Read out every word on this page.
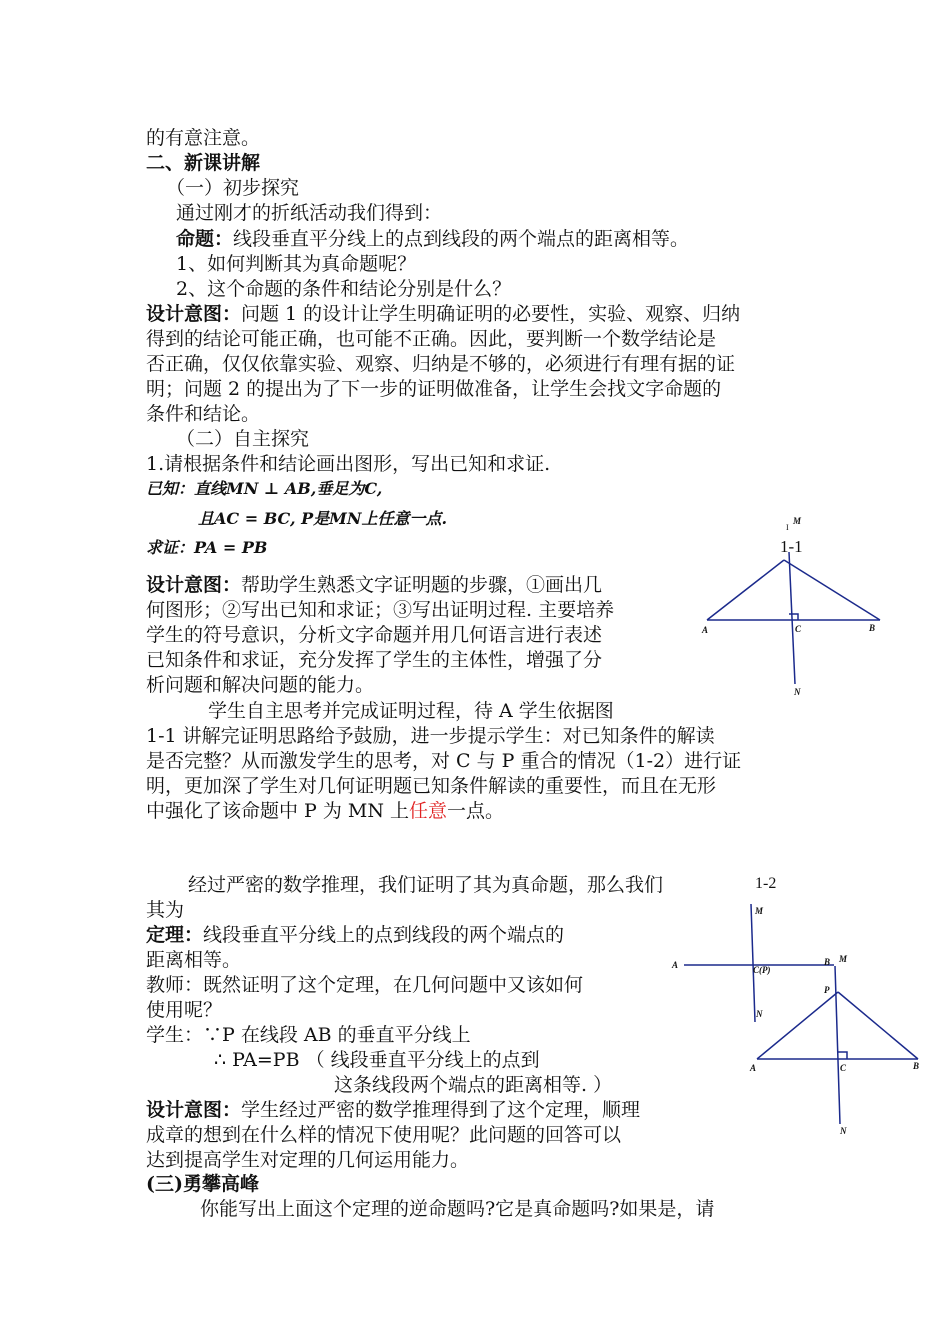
的有意注意。
二、新课讲解
（一）初步探究
通过刚才的折纸活动我们得到：
命题：线段垂直平分线上的点到线段的两个端点的距离相等。
1、如何判断其为真命题呢？
2、这个命题的条件和结论分别是什么？
设计意图：问题 1 的设计让学生明确证明的必要性，实验、观察、归纳
得到的结论可能正确，也可能不正确。因此，要判断一个数学结论是
否正确，仅仅依靠实验、观察、归纳是不够的，必须进行有理有据的证
明；问题 2 的提出为了下一步的证明做准备，让学生会找文字命题的
条件和结论。
（二）自主探究
1.请根据条件和结论画出图形，写出已知和求证.
已知：直线MN ⊥ AB,垂足为C,
且AC = BC, P是MN上任意一点.
求证：PA = PB
设计意图：帮助学生熟悉文字证明题的步骤，①画出几
何图形；②写出已知和求证；③写出证明过程. 主要培养
学生的符号意识，分析文字命题并用几何语言进行表述
已知条件和求证，充分发挥了学生的主体性，增强了分
析问题和解决问题的能力。
学生自主思考并完成证明过程，待 A 学生依据图
1-1 讲解完证明思路给予鼓励，进一步提示学生：对已知条件的解读
是否完整？从而激发学生的思考，对 C 与 P 重合的情况（1-2）进行证
明，更加深了学生对几何证明题已知条件解读的重要性，而且在无形
中强化了该命题中 P 为 MN 上任意一点。
经过严密的数学推理，我们证明了其为真命题，那么我们
其为
定理：线段垂直平分线上的点到线段的两个端点的
距离相等。
教师：既然证明了这个定理，在几何问题中又该如何
使用呢？
学生：∵P 在线段 AB 的垂直平分线上
∴ PA=PB （ 线段垂直平分线上的点到
这条线段两个端点的距离相等. ）
设计意图：学生经过严密的数学推理得到了这个定理，顺理
成章的想到在什么样的情况下使用呢？此问题的回答可以
达到提高学生对定理的几何运用能力。
(三)勇攀高峰
你能写出上面这个定理的逆命题吗?它是真命题吗?如果是，请
I
M
1-1
A	C	B
N
1-2
M
A	C(P)
B
N
M
P
A	C	B
N
